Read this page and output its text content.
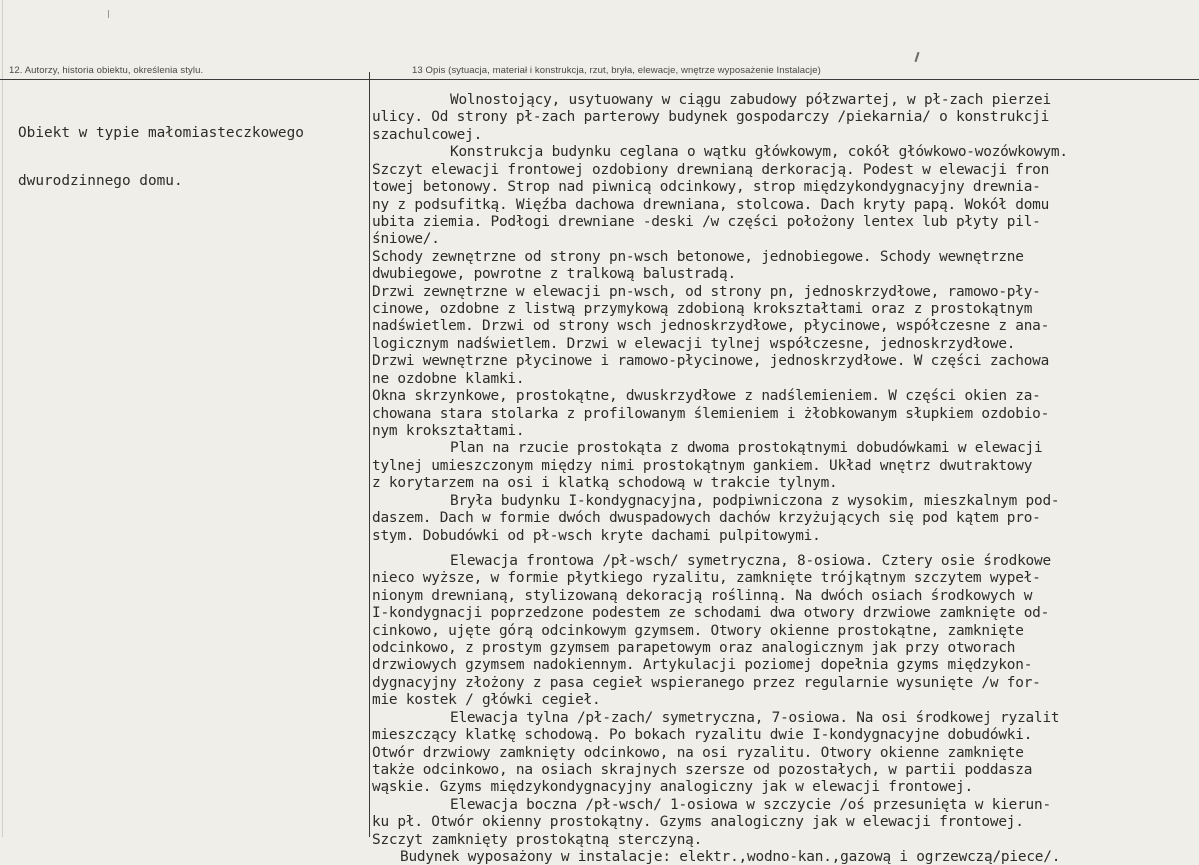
12. Autorzy, historia obiektu, określenia stylu.	13 Opis (sytuacja, materiał i konstrukcja, rzut, bryła, elewacje, wnętrze wyposażenie Instalacje)

Obiekt w typie małomiasteczkowego

dwurodzinnego domu.

Wolnostojący, usytuowany w ciągu zabudowy półzwartej, w pł-zach pierzei
ulicy. Od strony pł-zach parterowy budynek gospodarczy /piekarnia/ o konstrukcji
szachulcowej.
Konstrukcja budynku ceglana o wątku główkowym, cokół główkowo-wozówkowym.
Szczyt elewacji frontowej ozdobiony drewnianą derkoracją. Podest w elewacji fron
towej betonowy. Strop nad piwnicą odcinkowy, strop międzykondygnacyjny drewnia-
ny z podsufitką. Więźba dachowa drewniana, stolcowa. Dach kryty papą. Wokół domu
ubita ziemia. Podłogi drewniane -deski /w części położony lentex lub płyty pil-
śniowe/.
Schody zewnętrzne od strony pn-wsch betonowe, jednobiegowe. Schody wewnętrzne
dwubiegowe, powrotne z tralkową balustradą.
Drzwi zewnętrzne w elewacji pn-wsch, od strony pn, jednoskrzydłowe, ramowo-pły-
cinowe, ozdobne z listwą przymykową zdobioną krokształtami oraz z prostokątnym
nadświetlem. Drzwi od strony wsch jednoskrzydłowe, płycinowe, współczesne z ana-
logicznym nadświetlem. Drzwi w elewacji tylnej współczesne, jednoskrzydłowe.
Drzwi wewnętrzne płycinowe i ramowo-płycinowe, jednoskrzydłowe. W części zachowa
ne ozdobne klamki.
Okna skrzynkowe, prostokątne, dwuskrzydłowe z nadślemieniem. W części okien za-
chowana stara stolarka z profilowanym ślemieniem i żłobkowanym słupkiem ozdobio-
nym krokształtami.
Plan na rzucie prostokąta z dwoma prostokątnymi dobudówkami w elewacji
tylnej umieszczonym między nimi prostokątnym gankiem. Układ wnętrz dwutraktowy
z korytarzem na osi i klatką schodową w trakcie tylnym.
Bryła budynku I-kondygnacyjna, podpiwniczona z wysokim, mieszkalnym pod-
daszem. Dach w formie dwóch dwuspadowych dachów krzyżujących się pod kątem pro-
stym. Dobudówki od pł-wsch kryte dachami pulpitowymi.
Elewacja frontowa /pł-wsch/ symetryczna, 8-osiowa. Cztery osie środkowe
nieco wyższe, w formie płytkiego ryzalitu, zamknięte trójkątnym szczytem wypeł-
nionym drewnianą, stylizowaną dekoracją roślinną. Na dwóch osiach środkowych w
I-kondygnacji poprzedzone podestem ze schodami dwa otwory drzwiowe zamknięte od-
cinkowo, ujęte górą odcinkowym gzymsem. Otwory okienne prostokątne, zamknięte
odcinkowo, z prostym gzymsem parapetowym oraz analogicznym jak przy otworach
drzwiowych gzymsem nadokiennym. Artykulacji poziomej dopełnia gzyms międzykon-
dygnacyjny złożony z pasa cegieł wspieranego przez regularnie wysunięte /w for-
mie kostek / główki cegieł.
Elewacja tylna /pł-zach/ symetryczna, 7-osiowa. Na osi środkowej ryzalit
mieszczący klatkę schodową. Po bokach ryzalitu dwie I-kondygnacyjne dobudówki.
Otwór drzwiowy zamknięty odcinkowo, na osi ryzalitu. Otwory okienne zamknięte
także odcinkowo, na osiach skrajnych szersze od pozostałych, w partii poddasza
wąskie. Gzyms międzykondygnacyjny analogiczny jak w elewacji frontowej.
Elewacja boczna /pł-wsch/ 1-osiowa w szczycie /oś przesunięta w kierun-
ku pł. Otwór okienny prostokątny. Gzyms analogiczny jak w elewacji frontowej.
Szczyt zamknięty prostokątną sterczyną.
Budynek wyposażony w instalacje: elektr.,wodno-kan.,gazową i ogrzewczą/piece/.
